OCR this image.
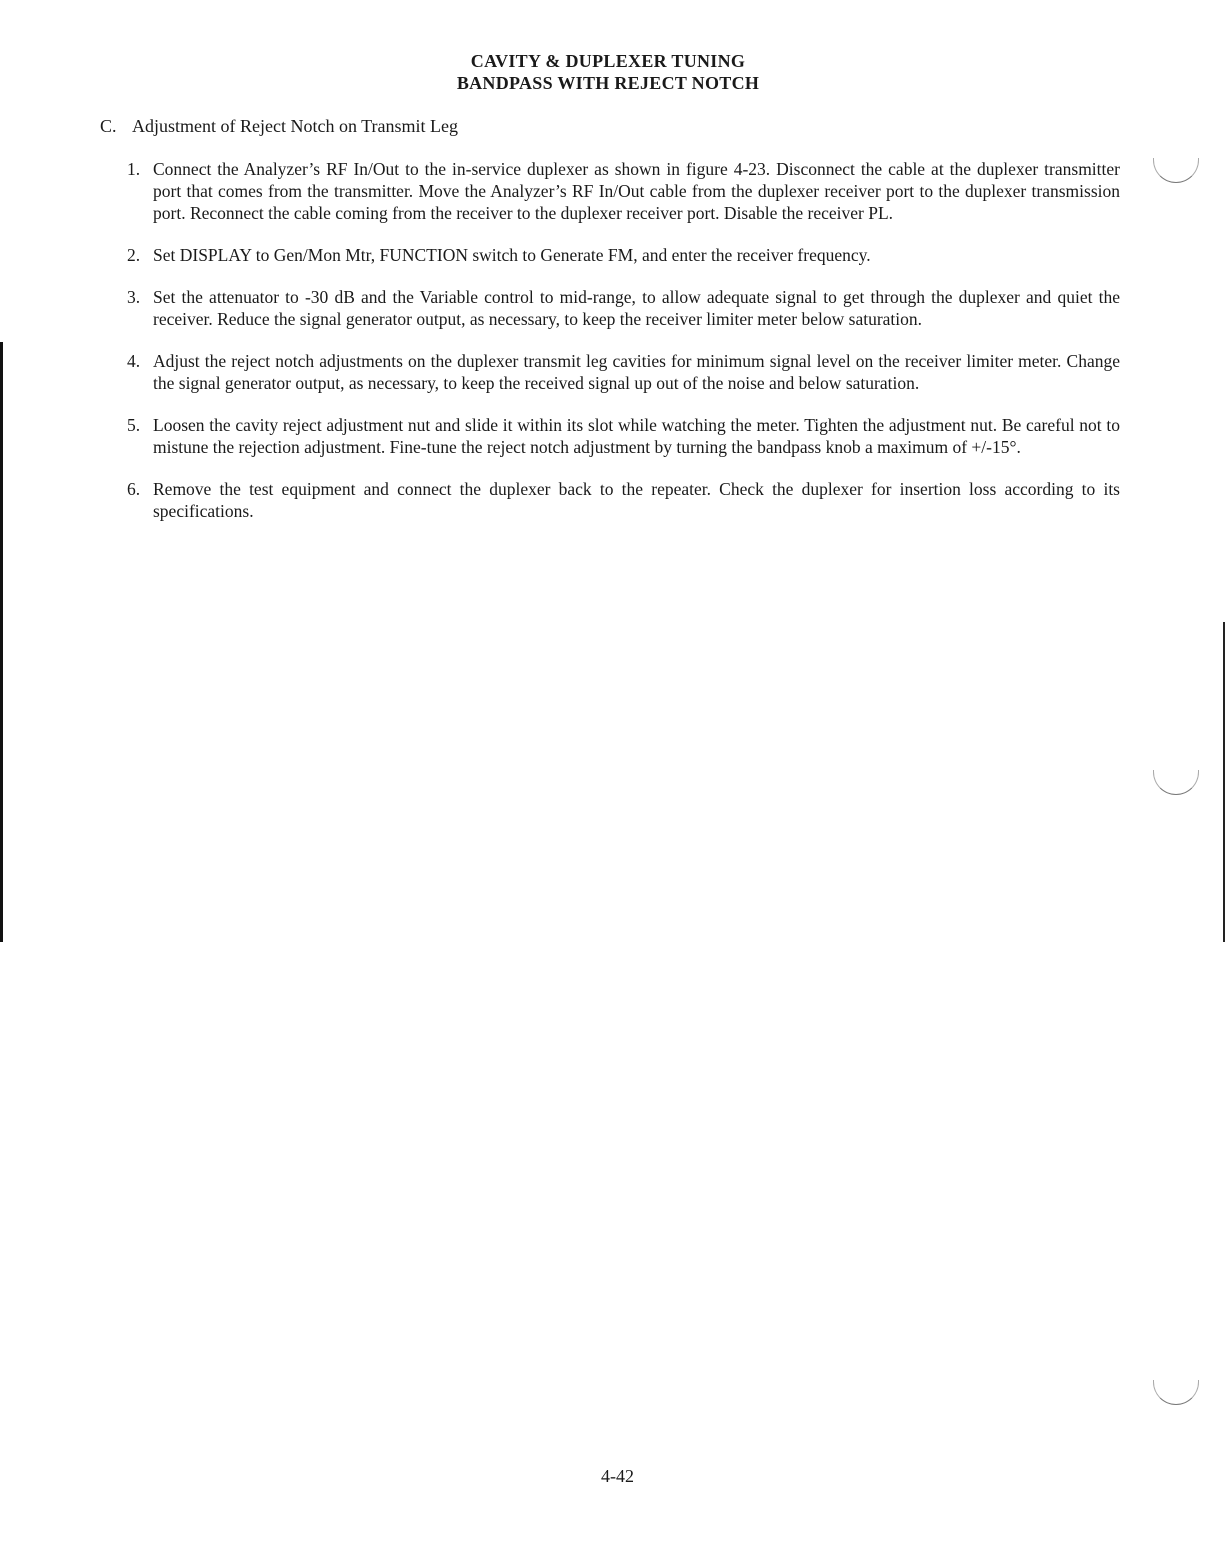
CAVITY & DUPLEXER TUNING
BANDPASS WITH REJECT NOTCH
C. Adjustment of Reject Notch on Transmit Leg
1. Connect the Analyzer’s RF In/Out to the in-service duplexer as shown in figure 4-23. Disconnect the cable at the duplexer transmitter port that comes from the transmitter. Move the Analyzer’s RF In/Out cable from the duplexer receiver port to the duplexer transmission port. Reconnect the cable coming from the receiver to the duplexer receiver port. Disable the receiver PL.
2. Set DISPLAY to Gen/Mon Mtr, FUNCTION switch to Generate FM, and enter the receiver frequency.
3. Set the attenuator to -30 dB and the Variable control to mid-range, to allow adequate signal to get through the duplexer and quiet the receiver. Reduce the signal generator output, as necessary, to keep the receiver limiter meter below saturation.
4. Adjust the reject notch adjustments on the duplexer transmit leg cavities for minimum signal level on the receiver limiter meter. Change the signal generator output, as necessary, to keep the received signal up out of the noise and below saturation.
5. Loosen the cavity reject adjustment nut and slide it within its slot while watching the meter. Tighten the adjustment nut. Be careful not to mistune the rejection adjustment. Fine-tune the reject notch adjustment by turning the bandpass knob a maximum of +/-15°.
6. Remove the test equipment and connect the duplexer back to the repeater. Check the duplexer for insertion loss according to its specifications.
4-42
